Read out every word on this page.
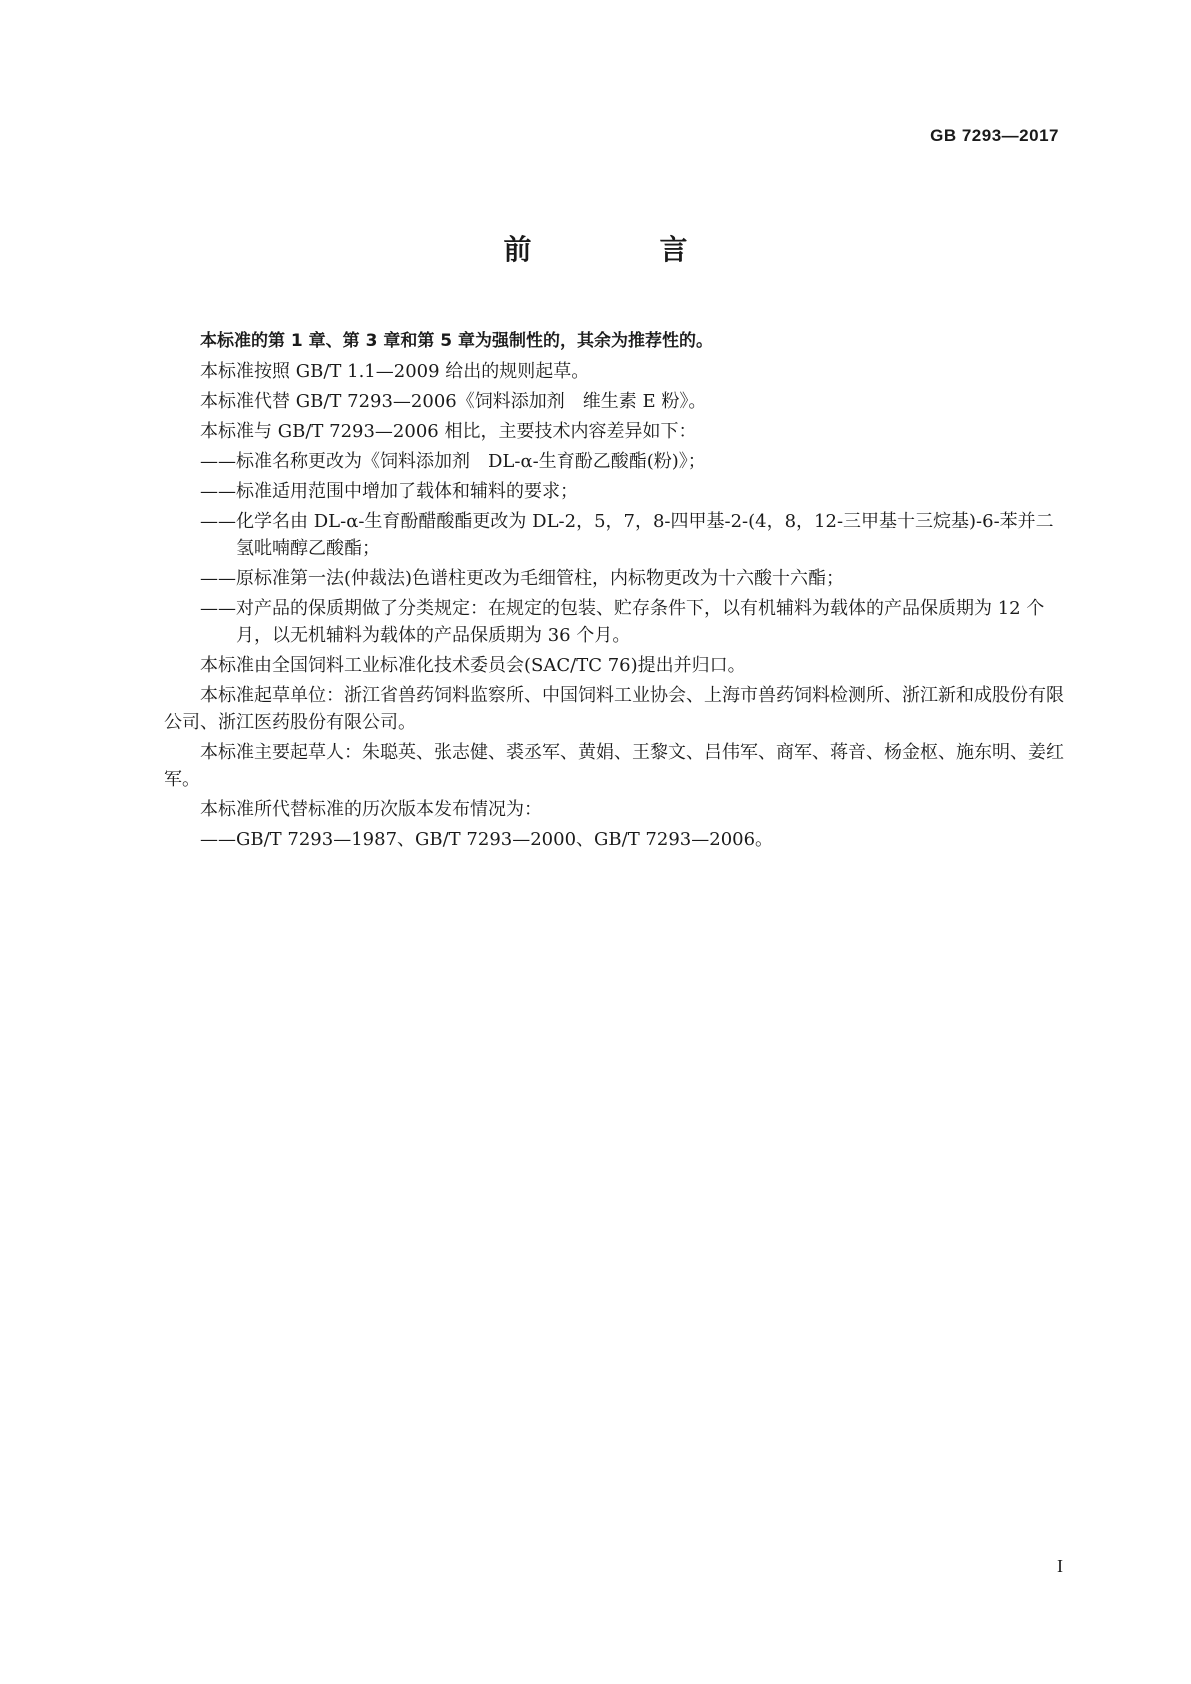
GB 7293—2017
前　言
本标准的第 1 章、第 3 章和第 5 章为强制性的，其余为推荐性的。
本标准按照 GB/T 1.1—2009 给出的规则起草。
本标准代替 GB/T 7293—2006《饲料添加剂　维生素 E 粉》。
本标准与 GB/T 7293—2006 相比，主要技术内容差异如下：
——标准名称更改为《饲料添加剂　DL-α-生育酚乙酸酯(粉)》；
——标准适用范围中增加了载体和辅料的要求；
——化学名由 DL-α-生育酚醋酸酯更改为 DL-2，5，7，8-四甲基-2-(4，8，12-三甲基十三烷基)-6-苯并二氢吡喃醇乙酸酯；
——原标准第一法(仲裁法)色谱柱更改为毛细管柱，内标物更改为十六酸十六酯；
——对产品的保质期做了分类规定：在规定的包装、贮存条件下，以有机辅料为载体的产品保质期为 12 个月，以无机辅料为载体的产品保质期为 36 个月。
本标准由全国饲料工业标准化技术委员会(SAC/TC 76)提出并归口。
本标准起草单位：浙江省兽药饲料监察所、中国饲料工业协会、上海市兽药饲料检测所、浙江新和成股份有限公司、浙江医药股份有限公司。
本标准主要起草人：朱聪英、张志健、裘丞军、黄娟、王黎文、吕伟军、商军、蒋音、杨金枢、施东明、姜红军。
本标准所代替标准的历次版本发布情况为：
——GB/T 7293—1987、GB/T 7293—2000、GB/T 7293—2006。
I
